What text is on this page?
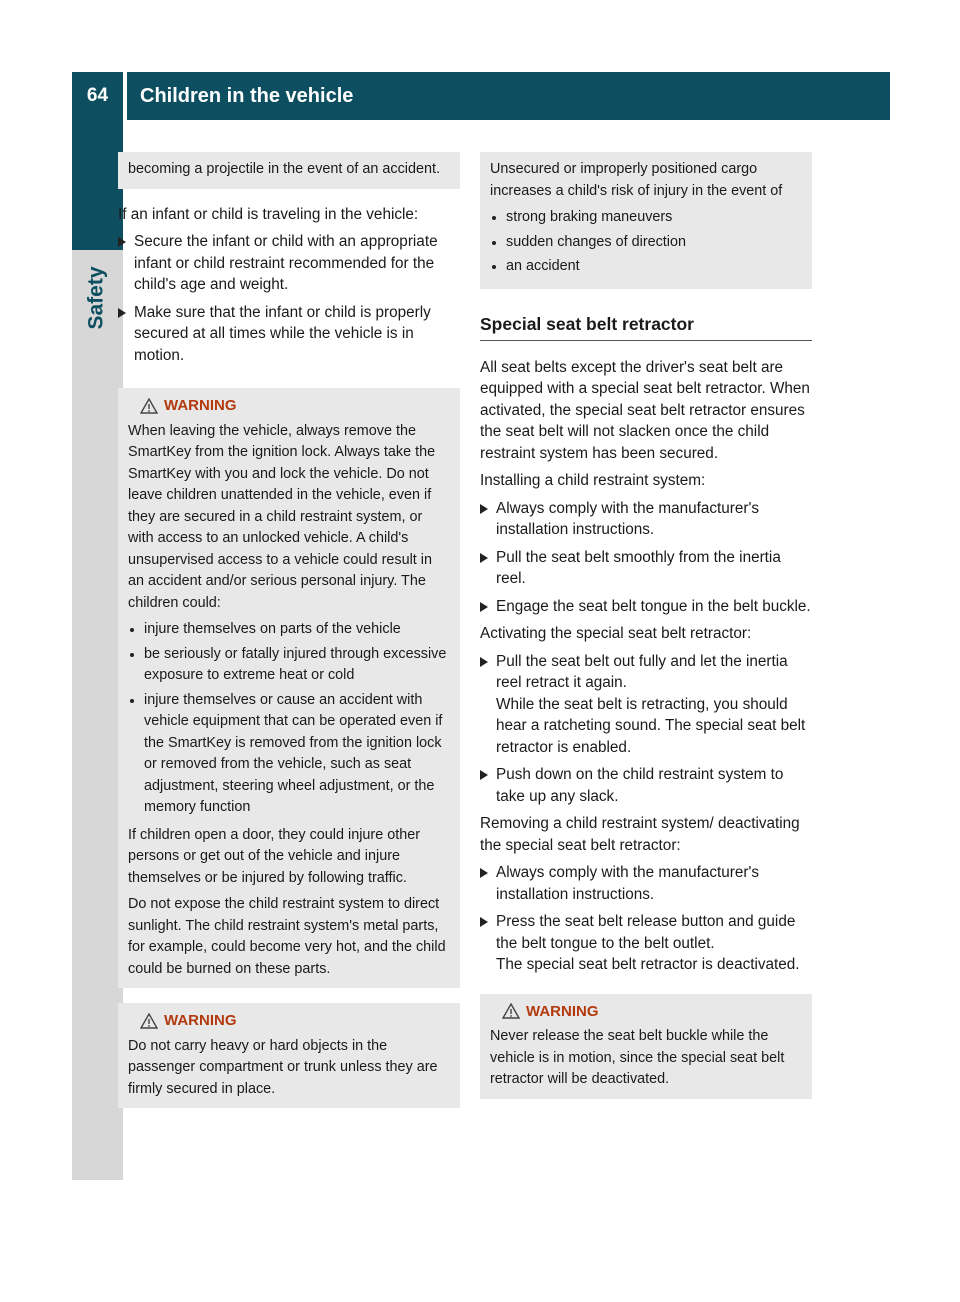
64	Children in the vehicle
Safety

becoming a projectile in the event of an accident.

If an infant or child is traveling in the vehicle:

Secure the infant or child with an appropriate infant or child restraint recommended for the child's age and weight.
Make sure that the infant or child is properly secured at all times while the vehicle is in motion.
WARNING

When leaving the vehicle, always remove the SmartKey from the ignition lock. Always take the SmartKey with you and lock the vehicle. Do not leave children unattended in the vehicle, even if they are secured in a child restraint system, or with access to an unlocked vehicle. A child's unsupervised access to a vehicle could result in an accident and/or serious personal injury. The children could:

injure themselves on parts of the vehicle
be seriously or fatally injured through excessive exposure to extreme heat or cold
injure themselves or cause an accident with vehicle equipment that can be operated even if the SmartKey is removed from the ignition lock or removed from the vehicle, such as seat adjustment, steering wheel adjustment, or the memory function

If children open a door, they could injure other persons or get out of the vehicle and injure themselves or be injured by following traffic.

Do not expose the child restraint system to direct sunlight. The child restraint system's metal parts, for example, could become very hot, and the child could be burned on these parts.

WARNING

Do not carry heavy or hard objects in the passenger compartment or trunk unless they are firmly secured in place.

Unsecured or improperly positioned cargo increases a child's risk of injury in the event of

strong braking maneuvers
sudden changes of direction
an accident
Special seat belt retractor

All seat belts except the driver's seat belt are equipped with a special seat belt retractor. When activated, the special seat belt retractor ensures the seat belt will not slacken once the child restraint system has been secured.

Installing a child restraint system:

Always comply with the manufacturer's installation instructions.
Pull the seat belt smoothly from the inertia reel.
Engage the seat belt tongue in the belt buckle.

Activating the special seat belt retractor:

Pull the seat belt out fully and let the inertia reel retract it again.
While the seat belt is retracting, you should hear a ratcheting sound. The special seat belt retractor is enabled.
Push down on the child restraint system to take up any slack.

Removing a child restraint system/ deactivating the special seat belt retractor:

Always comply with the manufacturer's installation instructions.
Press the seat belt release button and guide the belt tongue to the belt outlet.
The special seat belt retractor is deactivated.
WARNING

Never release the seat belt buckle while the vehicle is in motion, since the special seat belt retractor will be deactivated.
